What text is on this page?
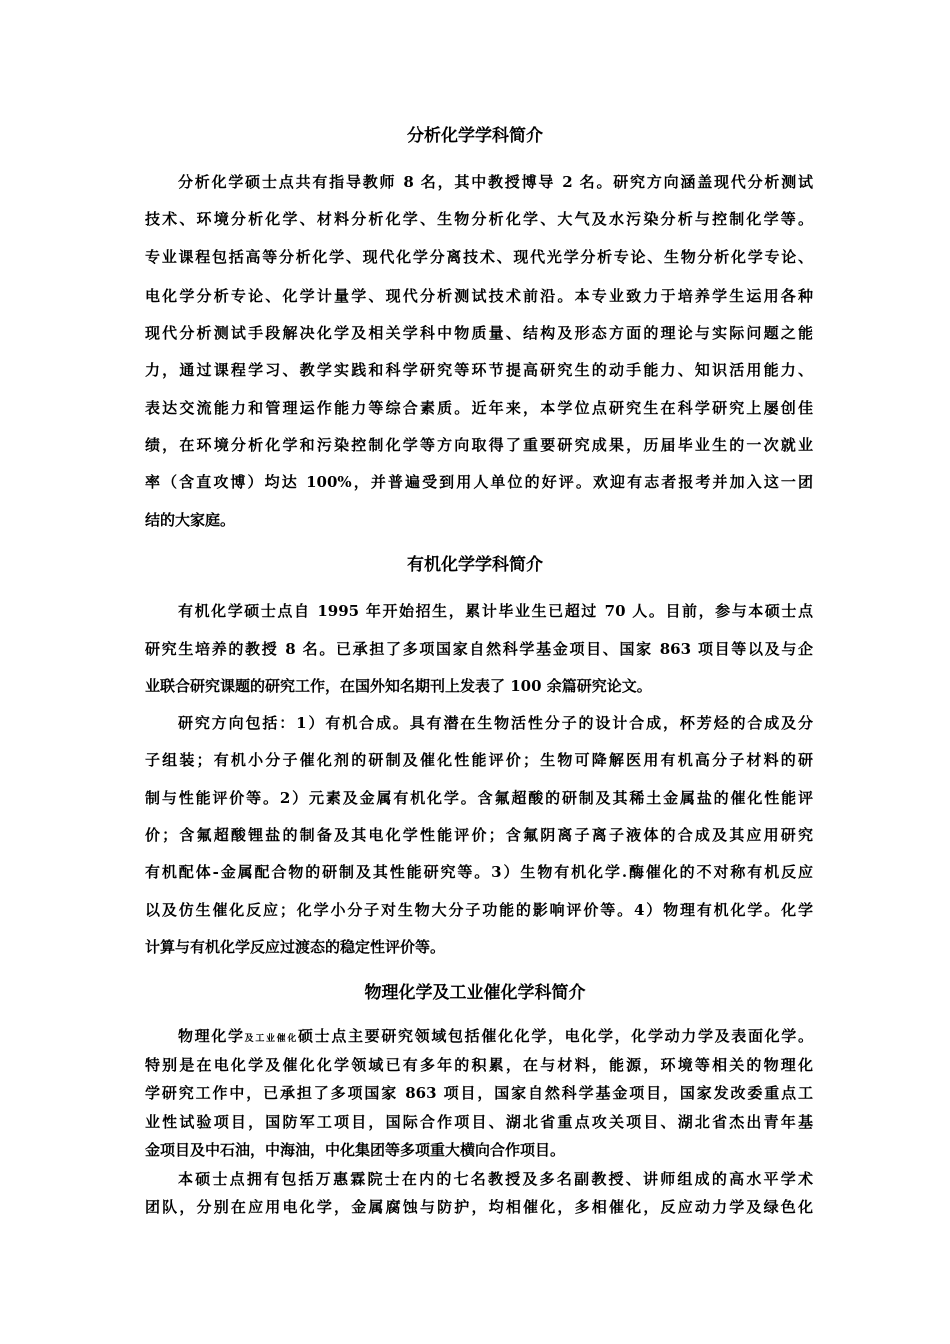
分析化学学科简介

分析化学硕士点共有指导教师 8 名，其中教授博导 2 名。研究方向涵盖现代分析测试

技术、环境分析化学、材料分析化学、生物分析化学、大气及水污染分析与控制化学等。

专业课程包括高等分析化学、现代化学分离技术、现代光学分析专论、生物分析化学专论、

电化学分析专论、化学计量学、现代分析测试技术前沿。本专业致力于培养学生运用各种

现代分析测试手段解决化学及相关学科中物质量、结构及形态方面的理论与实际问题之能

力，通过课程学习、教学实践和科学研究等环节提高研究生的动手能力、知识活用能力、

表达交流能力和管理运作能力等综合素质。近年来，本学位点研究生在科学研究上屡创佳

绩，在环境分析化学和污染控制化学等方向取得了重要研究成果，历届毕业生的一次就业

率（含直攻博）均达 100%，并普遍受到用人单位的好评。欢迎有志者报考并加入这一团

结的大家庭。

有机化学学科简介

有机化学硕士点自 1995 年开始招生，累计毕业生已超过 70 人。目前，参与本硕士点

研究生培养的教授 8 名。已承担了多项国家自然科学基金项目、国家 863 项目等以及与企

业联合研究课题的研究工作，在国外知名期刊上发表了 100 余篇研究论文。

研究方向包括：1）有机合成。具有潜在生物活性分子的设计合成，杯芳烃的合成及分

子组装；有机小分子催化剂的研制及催化性能评价；生物可降解医用有机高分子材料的研

制与性能评价等。2）元素及金属有机化学。含氟超酸的研制及其稀土金属盐的催化性能评

价；含氟超酸锂盐的制备及其电化学性能评价；含氟阴离子离子液体的合成及其应用研究

有机配体-金属配合物的研制及其性能研究等。3）生物有机化学.酶催化的不对称有机反应

以及仿生催化反应；化学小分子对生物大分子功能的影响评价等。4）物理有机化学。化学

计算与有机化学反应过渡态的稳定性评价等。

物理化学及工业催化学科简介

物理化学及工业催化硕士点主要研究领域包括催化化学，电化学，化学动力学及表面化学。

特别是在电化学及催化化学领域已有多年的积累，在与材料，能源，环境等相关的物理化

学研究工作中，已承担了多项国家 863 项目，国家自然科学基金项目，国家发改委重点工

业性试验项目，国防军工项目，国际合作项目、湖北省重点攻关项目、湖北省杰出青年基

金项目及中石油，中海油，中化集团等多项重大横向合作项目。

本硕士点拥有包括万惠霖院士在内的七名教授及多名副教授、讲师组成的高水平学术

团队，分别在应用电化学，金属腐蚀与防护，均相催化，多相催化，反应动力学及绿色化
